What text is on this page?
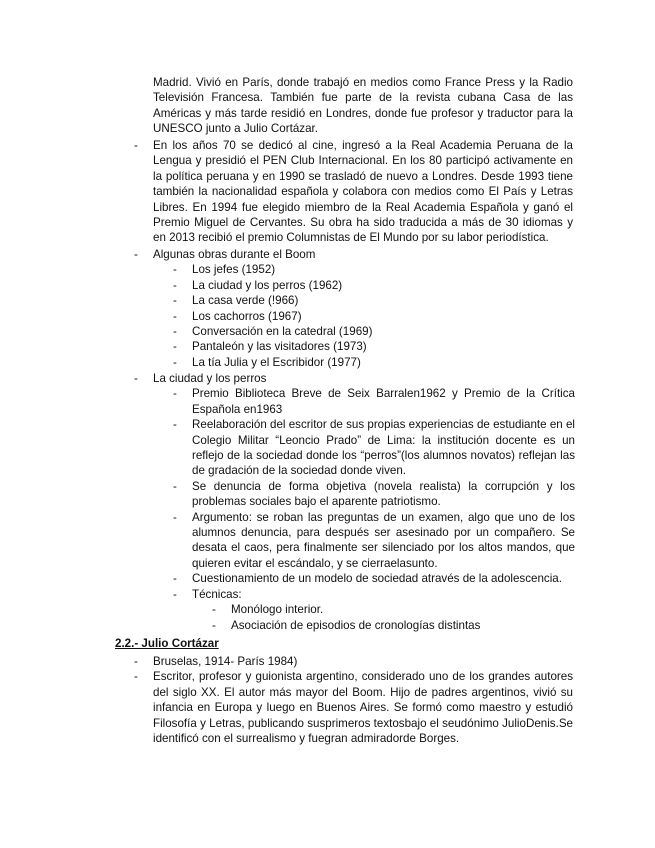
Madrid. Vivió en París, donde trabajó en medios como France Press y la Radio Televisión Francesa. También fue parte de la revista cubana Casa de las Américas y más tarde residió en Londres, donde fue profesor y traductor para la UNESCO junto a Julio Cortázar.
-	En los años 70 se dedicó al cine, ingresó a la Real Academia Peruana de la Lengua y presidió el PEN Club Internacional. En los 80 participó activamente en la política peruana y en 1990 se trasladó de nuevo a Londres. Desde 1993 tiene también la nacionalidad española y colabora con medios como El País y Letras Libres. En 1994 fue elegido miembro de la Real Academia Española y ganó el Premio Miguel de Cervantes. Su obra ha sido traducida a más de 30 idiomas y en 2013 recibió el premio Columnistas de El Mundo por su labor periodística.
-	Algunas obras durante el Boom
-	Los jefes (1952)
-	La ciudad y los perros (1962)
-	La casa verde (!966)
-	Los cachorros (1967)
-	Conversación en la catedral (1969)
-	Pantaleón y las visitadores (1973)
-	La tía Julia y el Escribidor (1977)
-	La ciudad y los perros
-	Premio Biblioteca Breve de Seix Barralen1962 y Premio de la Crítica Española en1963
-	Reelaboración del escritor de sus propias experiencias de estudiante en el Colegio Militar “Leoncio Prado” de Lima: la institución docente es un reflejo de la sociedad donde los “perros”(los alumnos novatos) reflejan las de gradación de la sociedad donde viven.
-	Se denuncia de forma objetiva (novela realista) la corrupción y los problemas sociales bajo el aparente patriotismo.
-	Argumento: se roban las preguntas de un examen, algo que uno de los alumnos denuncia, para después ser asesinado por un compañero. Se desata el caos, pera finalmente ser silenciado por los altos mandos, que quieren evitar el escándalo, y se cierraelasunto.
-	Cuestionamiento de un modelo de sociedad através de la adolescencia.
-	Técnicas:
-	Monólogo interior.
-	Asociación de episodios de cronologías distintas
2.2.- Julio Cortázar
-	Bruselas, 1914- París 1984)
-	Escritor, profesor y guionista argentino, considerado uno de los grandes autores del siglo XX. El autor más mayor del Boom. Hijo de padres argentinos, vivió su infancia en Europa y luego en Buenos Aires. Se formó como maestro y estudió Filosofía y Letras, publicando susprimeros textosbajo el seudónimo JulioDenis.Se identificó con el surrealismo y fuegran admiradorde Borges.
